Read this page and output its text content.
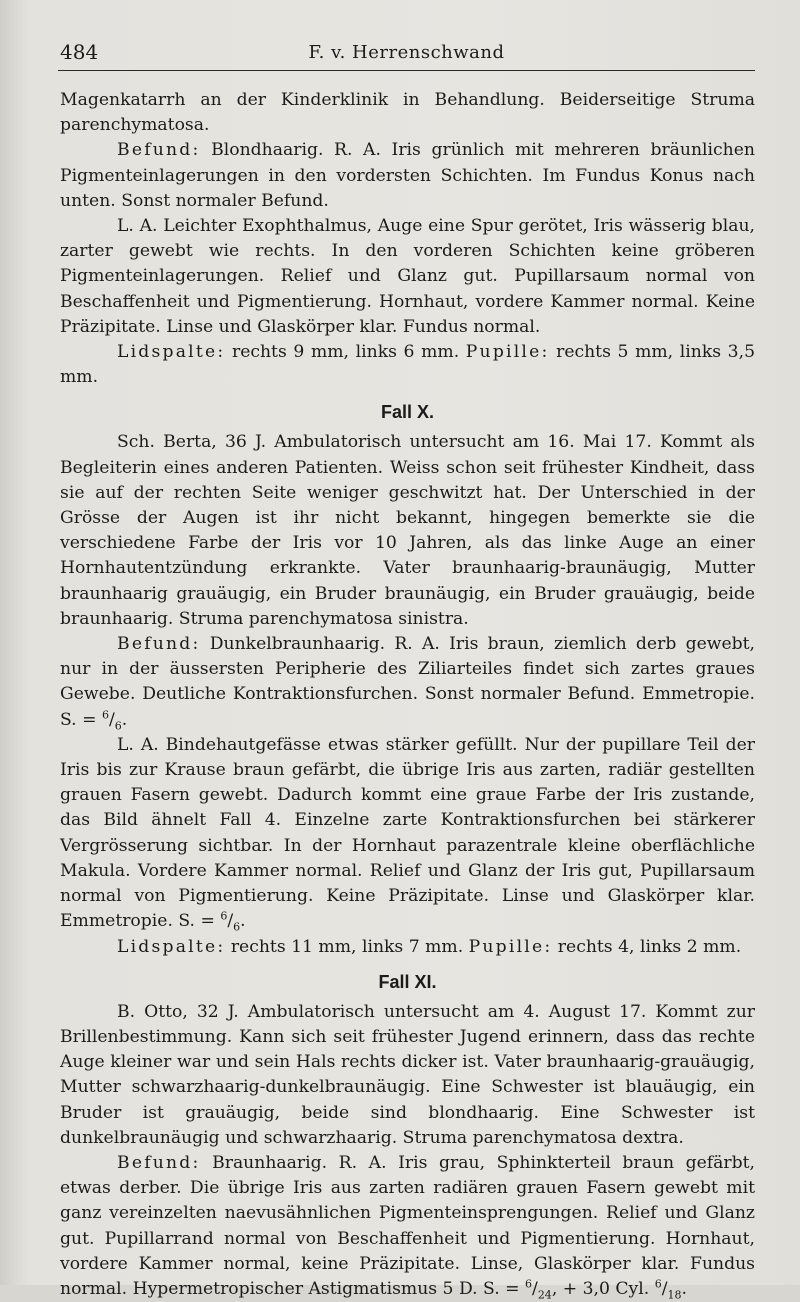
484	F. v. Herrenschwand

Magenkatarrh an der Kinderklinik in Behandlung. Beiderseitige Struma parenchymatosa.

Befund: Blondhaarig. R. A. Iris grünlich mit mehreren bräunlichen Pigmenteinlagerungen in den vordersten Schichten. Im Fundus Konus nach unten. Sonst normaler Befund.

L. A. Leichter Exophthalmus, Auge eine Spur gerötet, Iris wässerig blau, zarter gewebt wie rechts. In den vorderen Schichten keine gröberen Pigmenteinlagerungen. Relief und Glanz gut. Pupillarsaum normal von Beschaffenheit und Pigmentierung. Hornhaut, vordere Kammer normal. Keine Präzipitate. Linse und Glaskörper klar. Fundus normal.

Lidspalte: rechts 9 mm, links 6 mm. Pupille: rechts 5 mm, links 3,5 mm.

Fall X.

Sch. Berta, 36 J. Ambulatorisch untersucht am 16. Mai 17. Kommt als Begleiterin eines anderen Patienten. Weiss schon seit frühester Kindheit, dass sie auf der rechten Seite weniger geschwitzt hat. Der Unterschied in der Grösse der Augen ist ihr nicht bekannt, hingegen bemerkte sie die verschiedene Farbe der Iris vor 10 Jahren, als das linke Auge an einer Hornhautentzündung erkrankte. Vater braunhaarig-braunäugig, Mutter braunhaarig grauäugig, ein Bruder braunäugig, ein Bruder grauäugig, beide braunhaarig. Struma parenchymatosa sinistra.

Befund: Dunkelbraunhaarig. R. A. Iris braun, ziemlich derb gewebt, nur in der äussersten Peripherie des Ziliarteiles findet sich zartes graues Gewebe. Deutliche Kontraktionsfurchen. Sonst normaler Befund. Emmetropie. S. = $^6/_6$.

L. A. Bindehautgefässe etwas stärker gefüllt. Nur der pupillare Teil der Iris bis zur Krause braun gefärbt, die übrige Iris aus zarten, radiär gestellten grauen Fasern gewebt. Dadurch kommt eine graue Farbe der Iris zustande, das Bild ähnelt Fall 4. Einzelne zarte Kontraktionsfurchen bei stärkerer Vergrösserung sichtbar. In der Hornhaut parazentrale kleine oberflächliche Makula. Vordere Kammer normal. Relief und Glanz der Iris gut, Pupillarsaum normal von Pigmentierung. Keine Präzipitate. Linse und Glaskörper klar. Emmetropie. S. = $^6/_6$.

Lidspalte: rechts 11 mm, links 7 mm. Pupille: rechts 4, links 2 mm.

Fall XI.

B. Otto, 32 J. Ambulatorisch untersucht am 4. August 17. Kommt zur Brillenbestimmung. Kann sich seit frühester Jugend erinnern, dass das rechte Auge kleiner war und sein Hals rechts dicker ist. Vater braunhaarig-grauäugig, Mutter schwarzhaarig-dunkelbraunäugig. Eine Schwester ist blauäugig, ein Bruder ist grauäugig, beide sind blondhaarig. Eine Schwester ist dunkelbraunäugig und schwarzhaarig. Struma parenchymatosa dextra.

Befund: Braunhaarig. R. A. Iris grau, Sphinkterteil braun gefärbt, etwas derber. Die übrige Iris aus zarten radiären grauen Fasern gewebt mit ganz vereinzelten naevusähnlichen Pigmenteinsprengungen. Relief und Glanz gut. Pupillarrand normal von Beschaffenheit und Pigmentierung. Hornhaut, vordere Kammer normal, keine Präzipitate. Linse, Glaskörper klar. Fundus normal. Hypermetropischer Astigmatismus 5 D. S. = $^6/_{24}$, + 3,0 Cyl. $^6/_{18}$.
